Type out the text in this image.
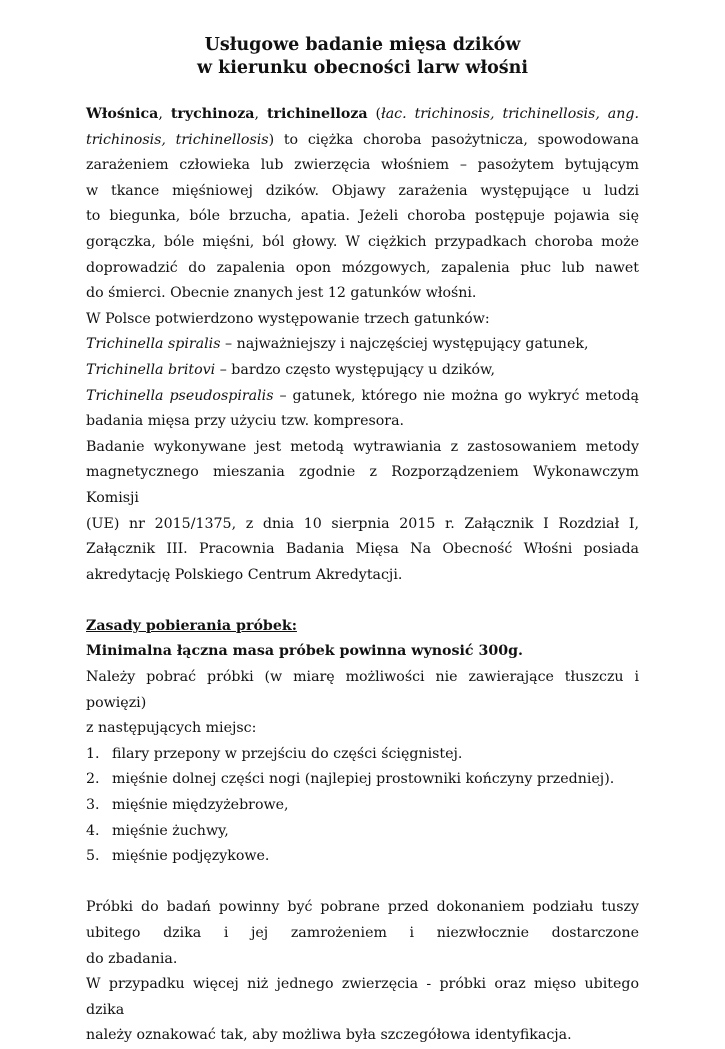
Usługowe badanie mięsa dzików
w kierunku obecności larw włośni
Włośnica, trychinoza, trichinelloza (łac. trichinosis, trichinellosis, ang.
trichinosis, trichinellosis) to ciężka choroba pasożytnicza, spowodowana
zarażeniem człowieka lub zwierzęcia włośniem – pasożytem bytującym
w tkance mięśniowej dzików. Objawy zarażenia występujące u ludzi
to biegunka, bóle brzucha, apatia. Jeżeli choroba postępuje pojawia się
gorączka, bóle mięśni, ból głowy. W ciężkich przypadkach choroba może
doprowadzić do zapalenia opon mózgowych, zapalenia płuc lub nawet
do śmierci. Obecnie znanych jest 12 gatunków włośni.
W Polsce potwierdzono występowanie trzech gatunków:
Trichinella spiralis – najważniejszy i najczęściej występujący gatunek,
Trichinella britovi – bardzo często występujący u dzików,
Trichinella pseudospiralis – gatunek, którego nie można go wykryć metodą
badania mięsa przy użyciu tzw. kompresora.
Badanie wykonywane jest metodą wytrawiania z zastosowaniem metody
magnetycznego mieszania zgodnie z Rozporządzeniem Wykonawczym Komisji
(UE) nr 2015/1375, z dnia 10 sierpnia 2015 r. Załącznik I Rozdział I,
Załącznik III. Pracownia Badania Mięsa Na Obecność Włośni posiada
akredytację Polskiego Centrum Akredytacji.
Zasady pobierania próbek:
Minimalna łączna masa próbek powinna wynosić 300g.
Należy pobrać próbki (w miarę możliwości nie zawierające tłuszczu i powięzi)
z następujących miejsc:
1. filary przepony w przejściu do części ścięgnistej.
2. mięśnie dolnej części nogi (najlepiej prostowniki kończyny przedniej).
3. mięśnie międzyżebrowe,
4. mięśnie żuchwy,
5. mięśnie podjęzykowe.
Próbki do badań powinny być pobrane przed dokonaniem podziału tuszy
ubitego dzika i jej zamrożeniem i niezwłocznie dostarczone
do zbadania.
W przypadku więcej niż jednego zwierzęcia - próbki oraz mięso ubitego dzika
należy oznakować tak, aby możliwa była szczegółowa identyfikacja.
